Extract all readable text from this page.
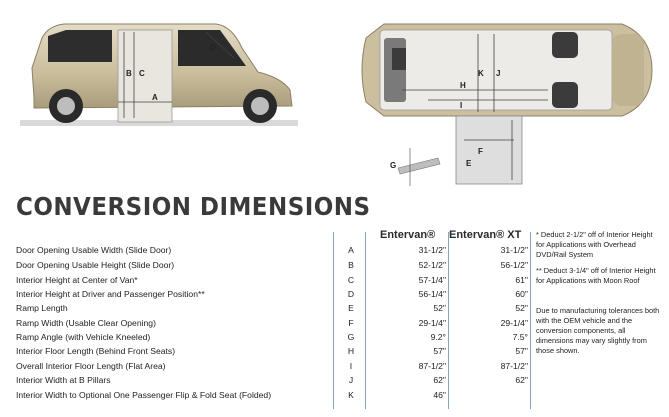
B C
A
D
K J
H
I
F
E
G
CONVERSION DIMENSIONS
Entervan® Entervan® XT
Door Opening Usable Width (Slide Door)	A	31-1/2"	31-1/2"
Door Opening Usable Height (Slide Door)	B	52-1/2"	56-1/2"
Interior Height at Center of Van*	C	57-1/4"	61"
Interior Height at Driver and Passenger Position**	D	56-1/4"	60"
Ramp Length	E	52"	52"
Ramp Width (Usable Clear Opening)	F	29-1/4"	29-1/4"
Ramp Angle (with Vehicle Kneeled)	G	9.2°	7.5°
Interior Floor Length (Behind Front Seats)	H	57"	57"
Overall Interior Floor Length (Flat Area)	I	87-1/2"	87-1/2"
Interior Width at B Pillars	J	62"	62"
Interior Width to Optional One Passenger Flip & Fold Seat (Folded)	K	46"
* Deduct 2-1/2" off of Interior Height for Applications with Overhead DVD/Rail System
** Deduct 3-1/4" off of Interior Height for Applications with Moon Roof
Due to manufacturing tolerances both with the OEM vehicle and the conversion components, all dimensions may vary slightly from those shown.
